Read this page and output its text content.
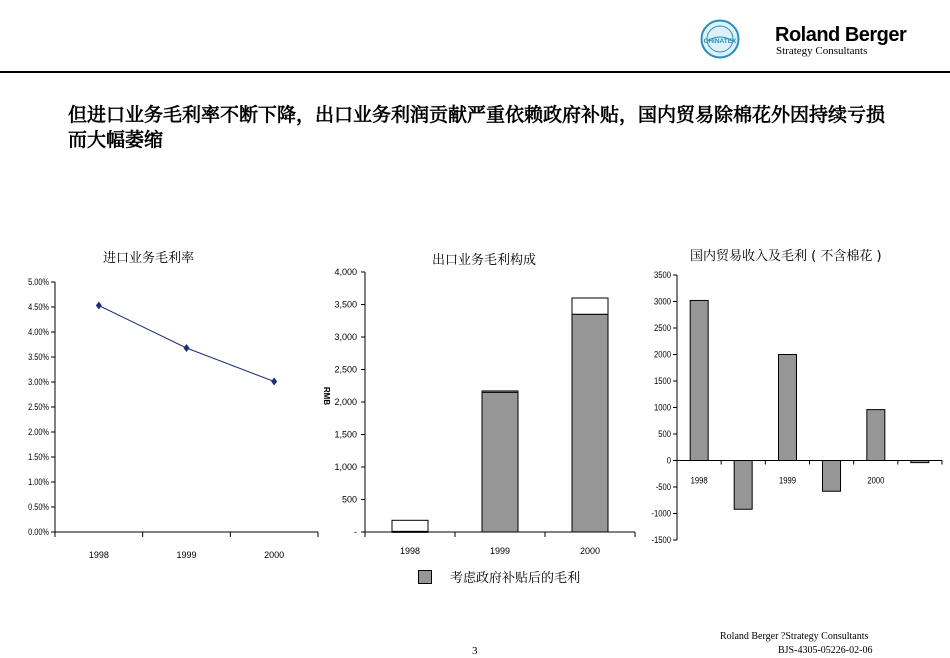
CHINATEX Roland Berger
Strategy Consultants
但进口业务毛利率不断下降，出口业务利润贡献严重依赖政府补贴，国内贸易除棉花外因持续亏损而大幅萎缩
进口业务毛利率	出口业务毛利构成	国内贸易收入及毛利 ( 不含棉花 )
0.00%
0.50%
1.00%
1.50%
2.00%
2.50%
3.00%
3.50%
4.00%
4.50%
5.00%
1998	1999	2000
-
500
1,000
1,500
2,000
2,500
3,000
3,500
4,000
RMB
1998	1999	2000
-1500
-1000
-500
0
500
1000
1500
2000
2500
3000
3500
1998	1999	2000
考虑政府补贴后的毛利
Roland Berger ?Strategy Consultants
3	BJS-4305-05226-02-06
